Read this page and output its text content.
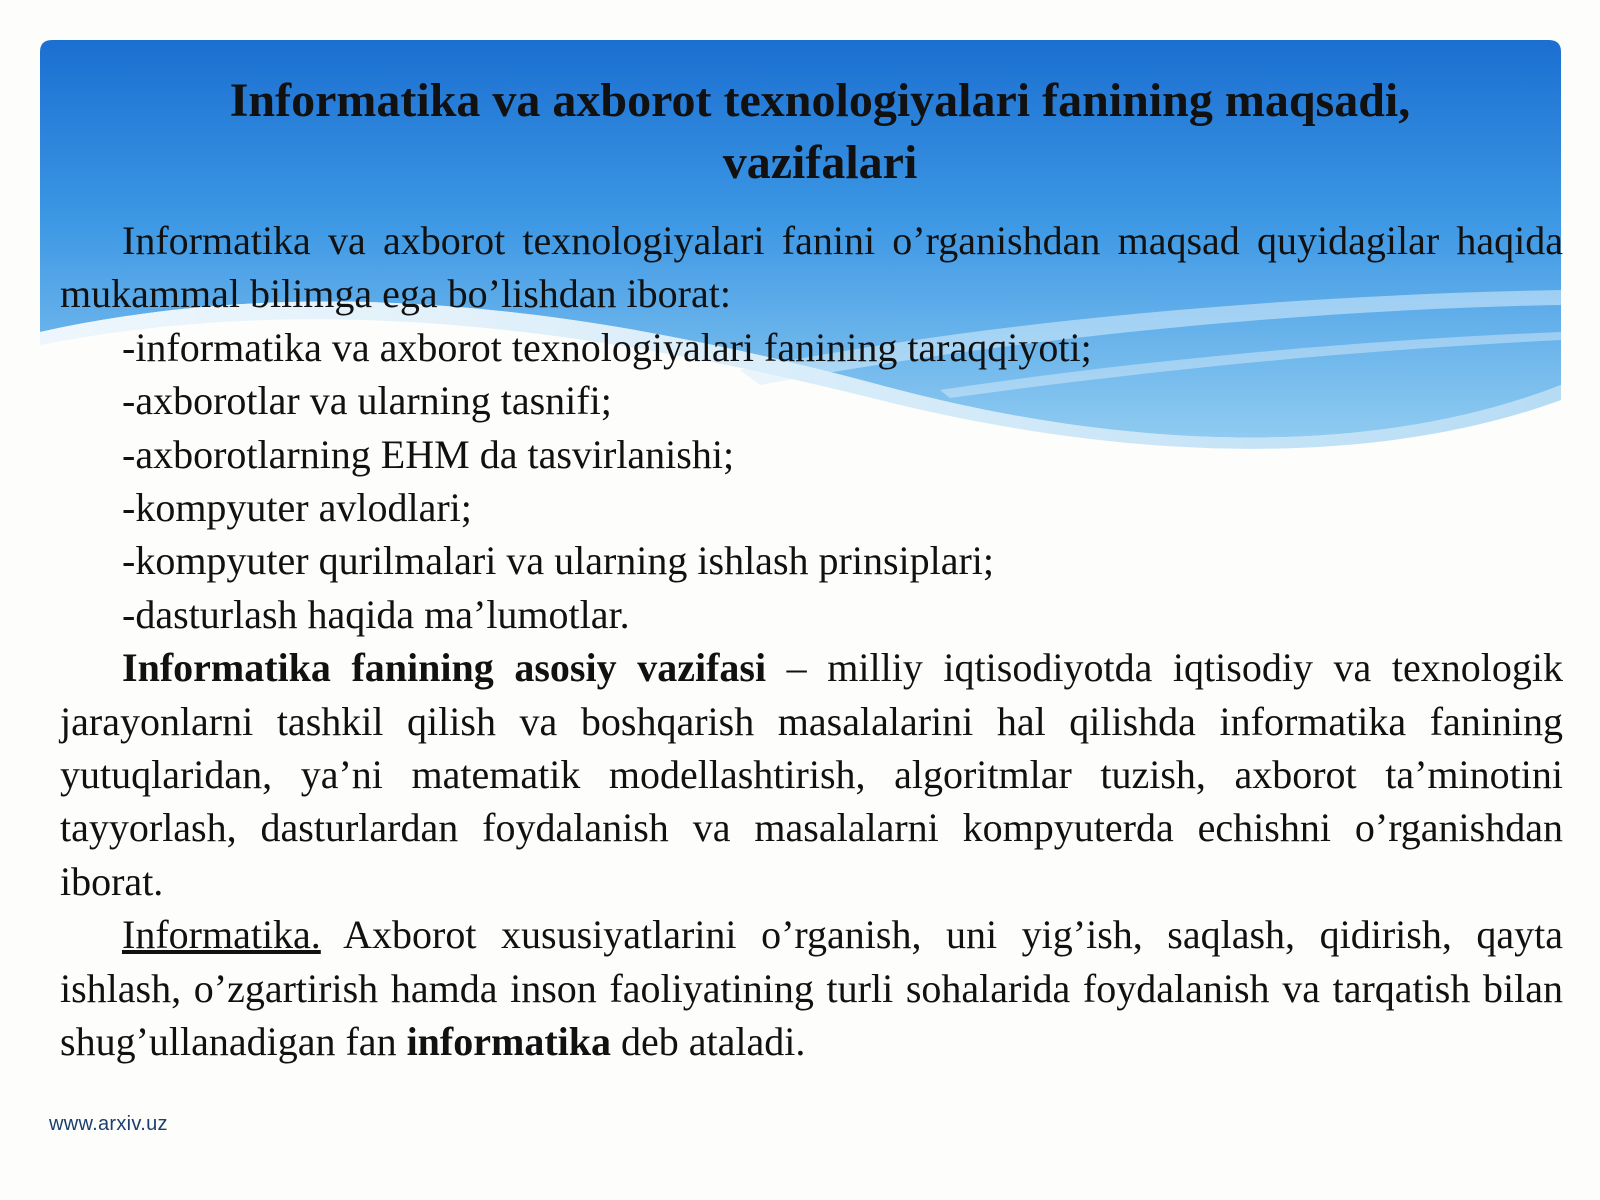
Informatika va axborot texnologiyalari fanining maqsadi, vazifalari

Informatika va axborot texnologiyalari fanini o’rganishdan maqsad quyidagilar haqida mukammal bilimga ega bo’lishdan iborat:

-informatika va axborot texnologiyalari fanining taraqqiyoti;

-axborotlar va ularning tasnifi;

-axborotlarning EHM da tasvirlanishi;

-kompyuter avlodlari;

-kompyuter qurilmalari va ularning ishlash prinsiplari;

-dasturlash haqida ma’lumotlar.

Informatika fanining asosiy vazifasi – milliy iqtisodiyotda iqtisodiy va texnologik jarayonlarni tashkil qilish va boshqarish masalalarini hal qilishda informatika fanining yutuqlaridan, ya’ni matematik modellashtirish, algoritmlar tuzish, axborot ta’minotini tayyorlash, dasturlardan foydalanish va masalalarni kompyuterda echishni o’rganishdan iborat.

Informatika. Axborot xususiyatlarini o’rganish, uni yig’ish, saqlash, qidirish, qayta ishlash, o’zgartirish hamda inson faoliyatining turli sohalarida foydalanish va tarqatish bilan shug’ullanadigan fan informatika deb ataladi.

www.arxiv.uz
